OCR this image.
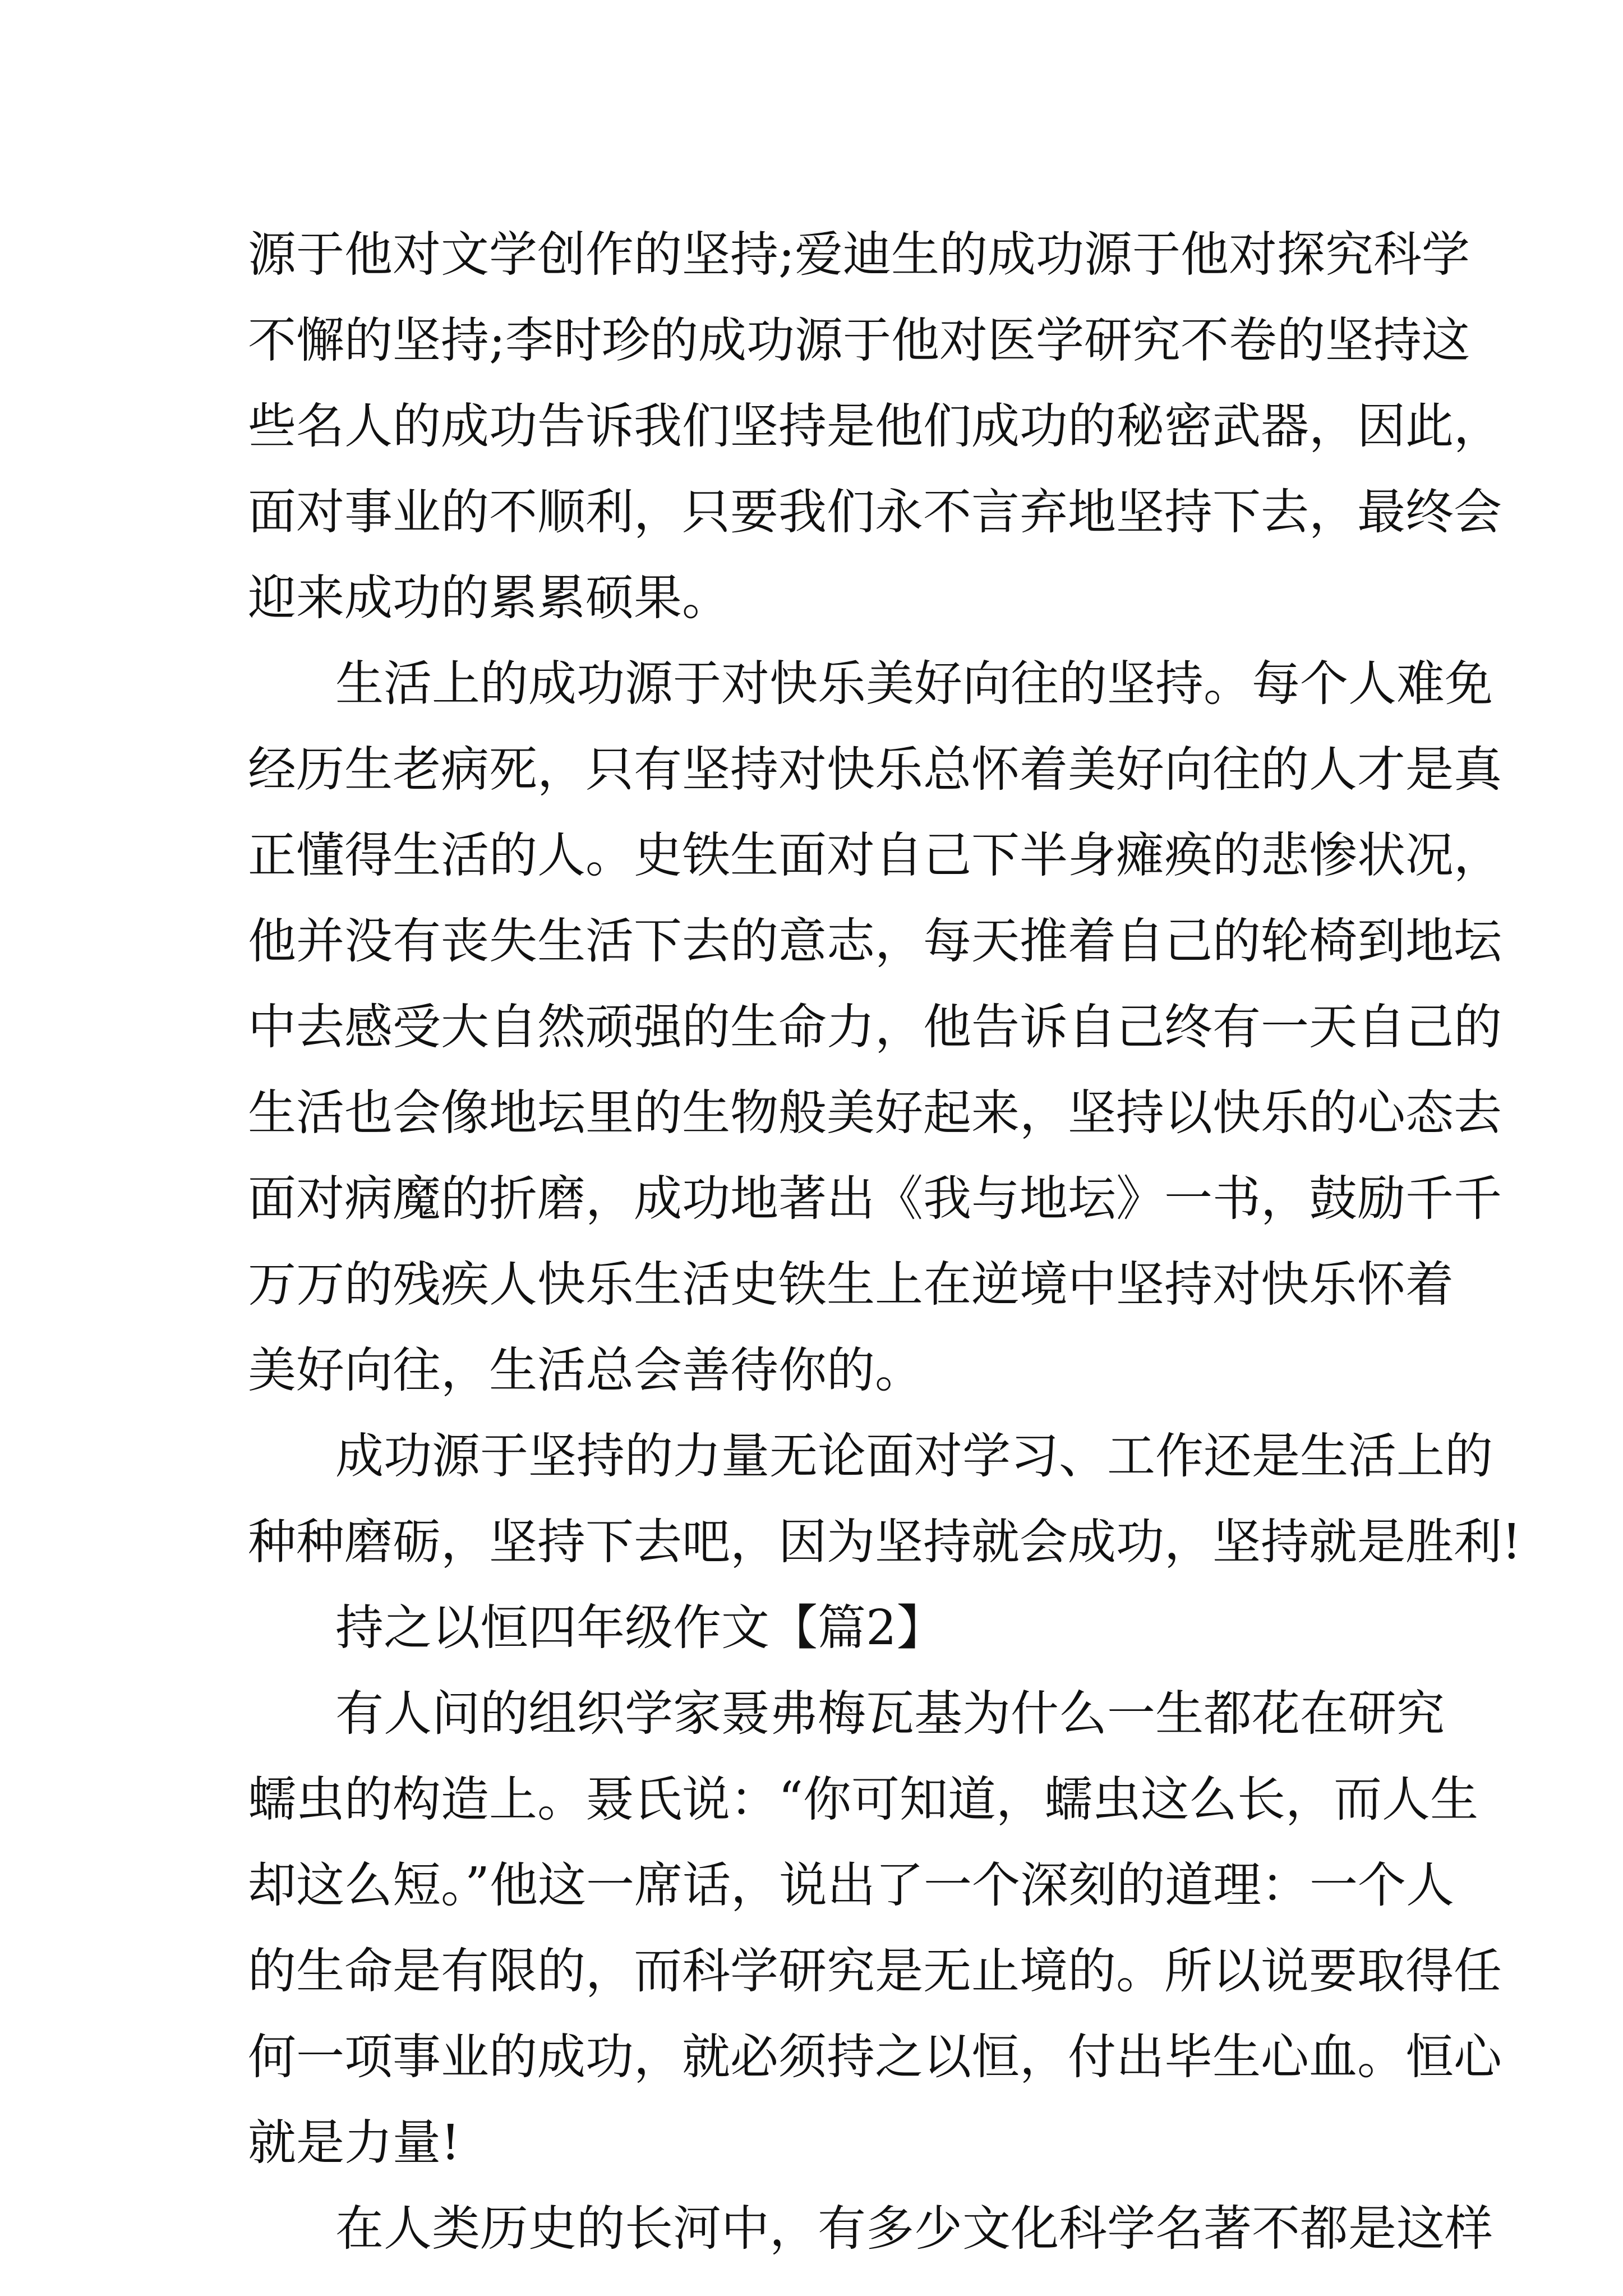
源于他对文学创作的坚持;爱迪生的成功源于他对探究科学
不懈的坚持;李时珍的成功源于他对医学研究不卷的坚持这
些名人的成功告诉我们坚持是他们成功的秘密武器，因此，
面对事业的不顺利，只要我们永不言弃地坚持下去，最终会
迎来成功的累累硕果。
生活上的成功源于对快乐美好向往的坚持。每个人难免
经历生老病死，只有坚持对快乐总怀着美好向往的人才是真
正懂得生活的人。史铁生面对自己下半身瘫痪的悲惨状况，
他并没有丧失生活下去的意志，每天推着自己的轮椅到地坛
中去感受大自然顽强的生命力，他告诉自己终有一天自己的
生活也会像地坛里的生物般美好起来，坚持以快乐的心态去
面对病魔的折磨，成功地著出《我与地坛》一书，鼓励千千
万万的残疾人快乐生活史铁生上在逆境中坚持对快乐怀着
美好向往，生活总会善待你的。
成功源于坚持的力量无论面对学习、工作还是生活上的
种种磨砺，坚持下去吧，因为坚持就会成功，坚持就是胜利!
持之以恒四年级作文【篇2】
有人问的组织学家聂弗梅瓦基为什么一生都花在研究
蠕虫的构造上。聂氏说：“你可知道，蠕虫这么长，而人生
却这么短。”他这一席话，说出了一个深刻的道理：一个人
的生命是有限的，而科学研究是无止境的。所以说要取得任
何一项事业的成功，就必须持之以恒，付出毕生心血。恒心
就是力量!
在人类历史的长河中，有多少文化科学名著不都是这样
